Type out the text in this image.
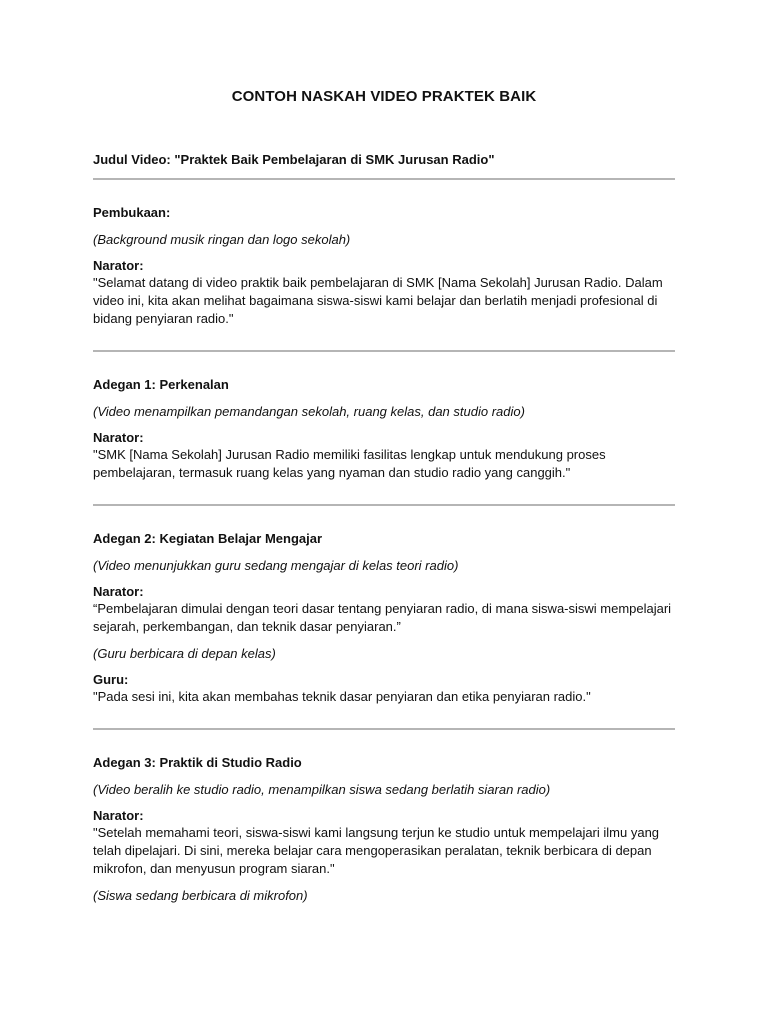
CONTOH NASKAH VIDEO PRAKTEK BAIK
Judul Video: "Praktek Baik Pembelajaran di SMK Jurusan Radio"
Pembukaan:
(Background musik ringan dan logo sekolah)
Narator:
"Selamat datang di video praktik baik pembelajaran di SMK [Nama Sekolah] Jurusan Radio. Dalam
video ini, kita akan melihat bagaimana siswa-siswi kami belajar dan berlatih menjadi profesional di
bidang penyiaran radio."
Adegan 1: Perkenalan
(Video menampilkan pemandangan sekolah, ruang kelas, dan studio radio)
Narator:
"SMK [Nama Sekolah] Jurusan Radio memiliki fasilitas lengkap untuk mendukung proses
pembelajaran, termasuk ruang kelas yang nyaman dan studio radio yang canggih."
Adegan 2: Kegiatan Belajar Mengajar
(Video menunjukkan guru sedang mengajar di kelas teori radio)
Narator:
“Pembelajaran dimulai dengan teori dasar tentang penyiaran radio, di mana siswa-siswi mempelajari
sejarah, perkembangan, dan teknik dasar penyiaran.”
(Guru berbicara di depan kelas)
Guru:
"Pada sesi ini, kita akan membahas teknik dasar penyiaran dan etika penyiaran radio."
Adegan 3: Praktik di Studio Radio
(Video beralih ke studio radio, menampilkan siswa sedang berlatih siaran radio)
Narator:
"Setelah memahami teori, siswa-siswi kami langsung terjun ke studio untuk mempelajari ilmu yang
telah dipelajari. Di sini, mereka belajar cara mengoperasikan peralatan, teknik berbicara di depan
mikrofon, dan menyusun program siaran."
(Siswa sedang berbicara di mikrofon)
